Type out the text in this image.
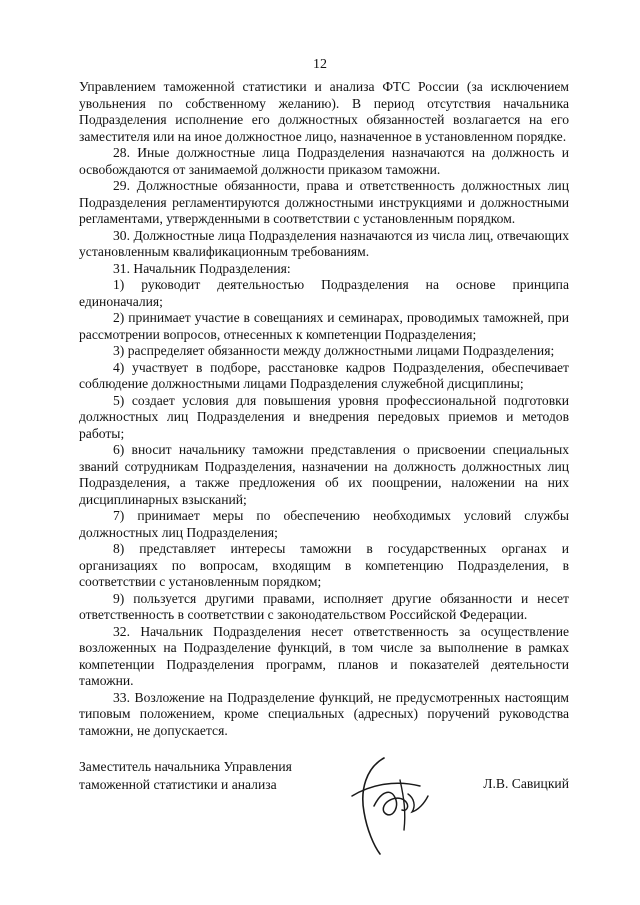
12

Управлением таможенной статистики и анализа ФТС России (за исключением увольнения по собственному желанию). В период отсутствия начальника Подразделения исполнение его должностных обязанностей возлагается на его заместителя или на иное должностное лицо, назначенное в установленном порядке.

28. Иные должностные лица Подразделения назначаются на должность и освобождаются от занимаемой должности приказом таможни.

29. Должностные обязанности, права и ответственность должностных лиц Подразделения регламентируются должностными инструкциями и должностными регламентами, утвержденными в соответствии с установленным порядком.

30. Должностные лица Подразделения назначаются из числа лиц, отвечающих установленным квалификационным требованиям.

31. Начальник Подразделения:

1) руководит деятельностью Подразделения на основе принципа единоначалия;

2) принимает участие в совещаниях и семинарах, проводимых таможней, при рассмотрении вопросов, отнесенных к компетенции Подразделения;

3) распределяет обязанности между должностными лицами Подразделения;

4) участвует в подборе, расстановке кадров Подразделения, обеспечивает соблюдение должностными лицами Подразделения служебной дисциплины;

5) создает условия для повышения уровня профессиональной подготовки должностных лиц Подразделения и внедрения передовых приемов и методов работы;

6) вносит начальнику таможни представления о присвоении специальных званий сотрудникам Подразделения, назначении на должность должностных лиц Подразделения, а также предложения об их поощрении, наложении на них дисциплинарных взысканий;

7) принимает меры по обеспечению необходимых условий службы должностных лиц Подразделения;

8) представляет интересы таможни в государственных органах и организациях по вопросам, входящим в компетенцию Подразделения, в соответствии с установленным порядком;

9) пользуется другими правами, исполняет другие обязанности и несет ответственность в соответствии с законодательством Российской Федерации.

32. Начальник Подразделения несет ответственность за осуществление возложенных на Подразделение функций, в том числе за выполнение в рамках компетенции Подразделения программ, планов и показателей деятельности таможни.

33. Возложение на Подразделение функций, не предусмотренных настоящим типовым положением, кроме специальных (адресных) поручений руководства таможни, не допускается.

Заместитель начальника Управления
таможенной статистики и анализа	Л.В. Савицкий
